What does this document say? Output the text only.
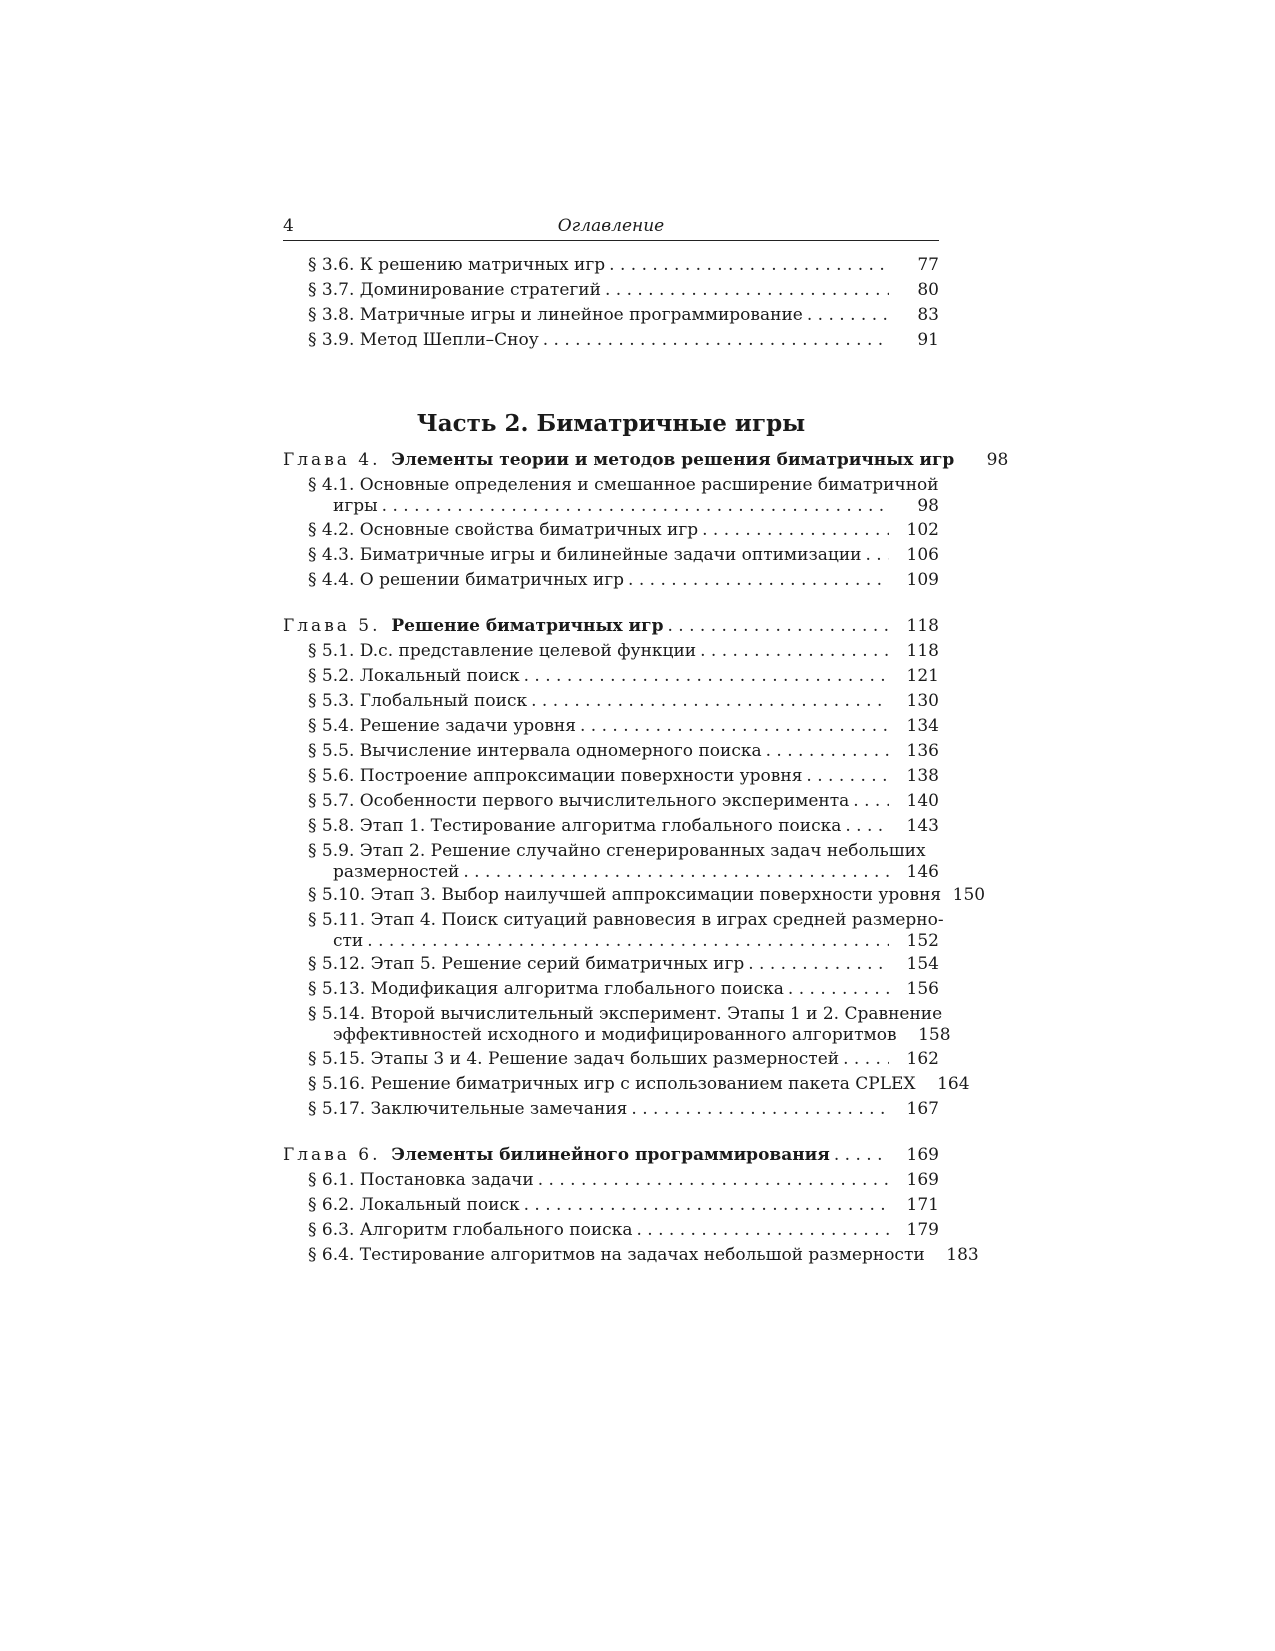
4	Оглавление
§ 3.6. К решению матричных игр . . .	77
§ 3.7. Доминирование стратегий . . .	80
§ 3.8. Матричные игры и линейное программирование . . .	83
§ 3.9. Метод Шепли–Сноу . . .	91
Часть 2. Биматричные игры
Глава 4. Элементы теории и методов решения биматричных игр	98
§ 4.1. Основные определения и смешанное расширение биматричной
игры . . .	98
§ 4.2. Основные свойства биматричных игр . . .	102
§ 4.3. Биматричные игры и билинейные задачи оптимизации . . .	106
§ 4.4. О решении биматричных игр . . .	109
Глава 5. Решение биматричных игр . . .	118
§ 5.1. D.c. представление целевой функции . . .	118
§ 5.2. Локальный поиск . . .	121
§ 5.3. Глобальный поиск . . .	130
§ 5.4. Решение задачи уровня . . .	134
§ 5.5. Вычисление интервала одномерного поиска . . .	136
§ 5.6. Построение аппроксимации поверхности уровня . . .	138
§ 5.7. Особенности первого вычислительного эксперимента . . .	140
§ 5.8. Этап 1. Тестирование алгоритма глобального поиска . . .	143
§ 5.9. Этап 2. Решение случайно сгенерированных задач небольших
размерностей . . .	146
§ 5.10. Этап 3. Выбор наилучшей аппроксимации поверхности уровня 150
§ 5.11. Этап 4. Поиск ситуаций равновесия в играх средней размерно-
сти . . .	152
§ 5.12. Этап 5. Решение серий биматричных игр . . .	154
§ 5.13. Модификация алгоритма глобального поиска . . .	156
§ 5.14. Второй вычислительный эксперимент. Этапы 1 и 2. Сравнение
эффективностей исходного и модифицированного алгоритмов	158
§ 5.15. Этапы 3 и 4. Решение задач больших размерностей . . .	162
§ 5.16. Решение биматричных игр с использованием пакета CPLEX	164
§ 5.17. Заключительные замечания . . .	167
Глава 6. Элементы билинейного программирования . . .	169
§ 6.1. Постановка задачи . . .	169
§ 6.2. Локальный поиск . . .	171
§ 6.3. Алгоритм глобального поиска . . .	179
§ 6.4. Тестирование алгоритмов на задачах небольшой размерности	183
